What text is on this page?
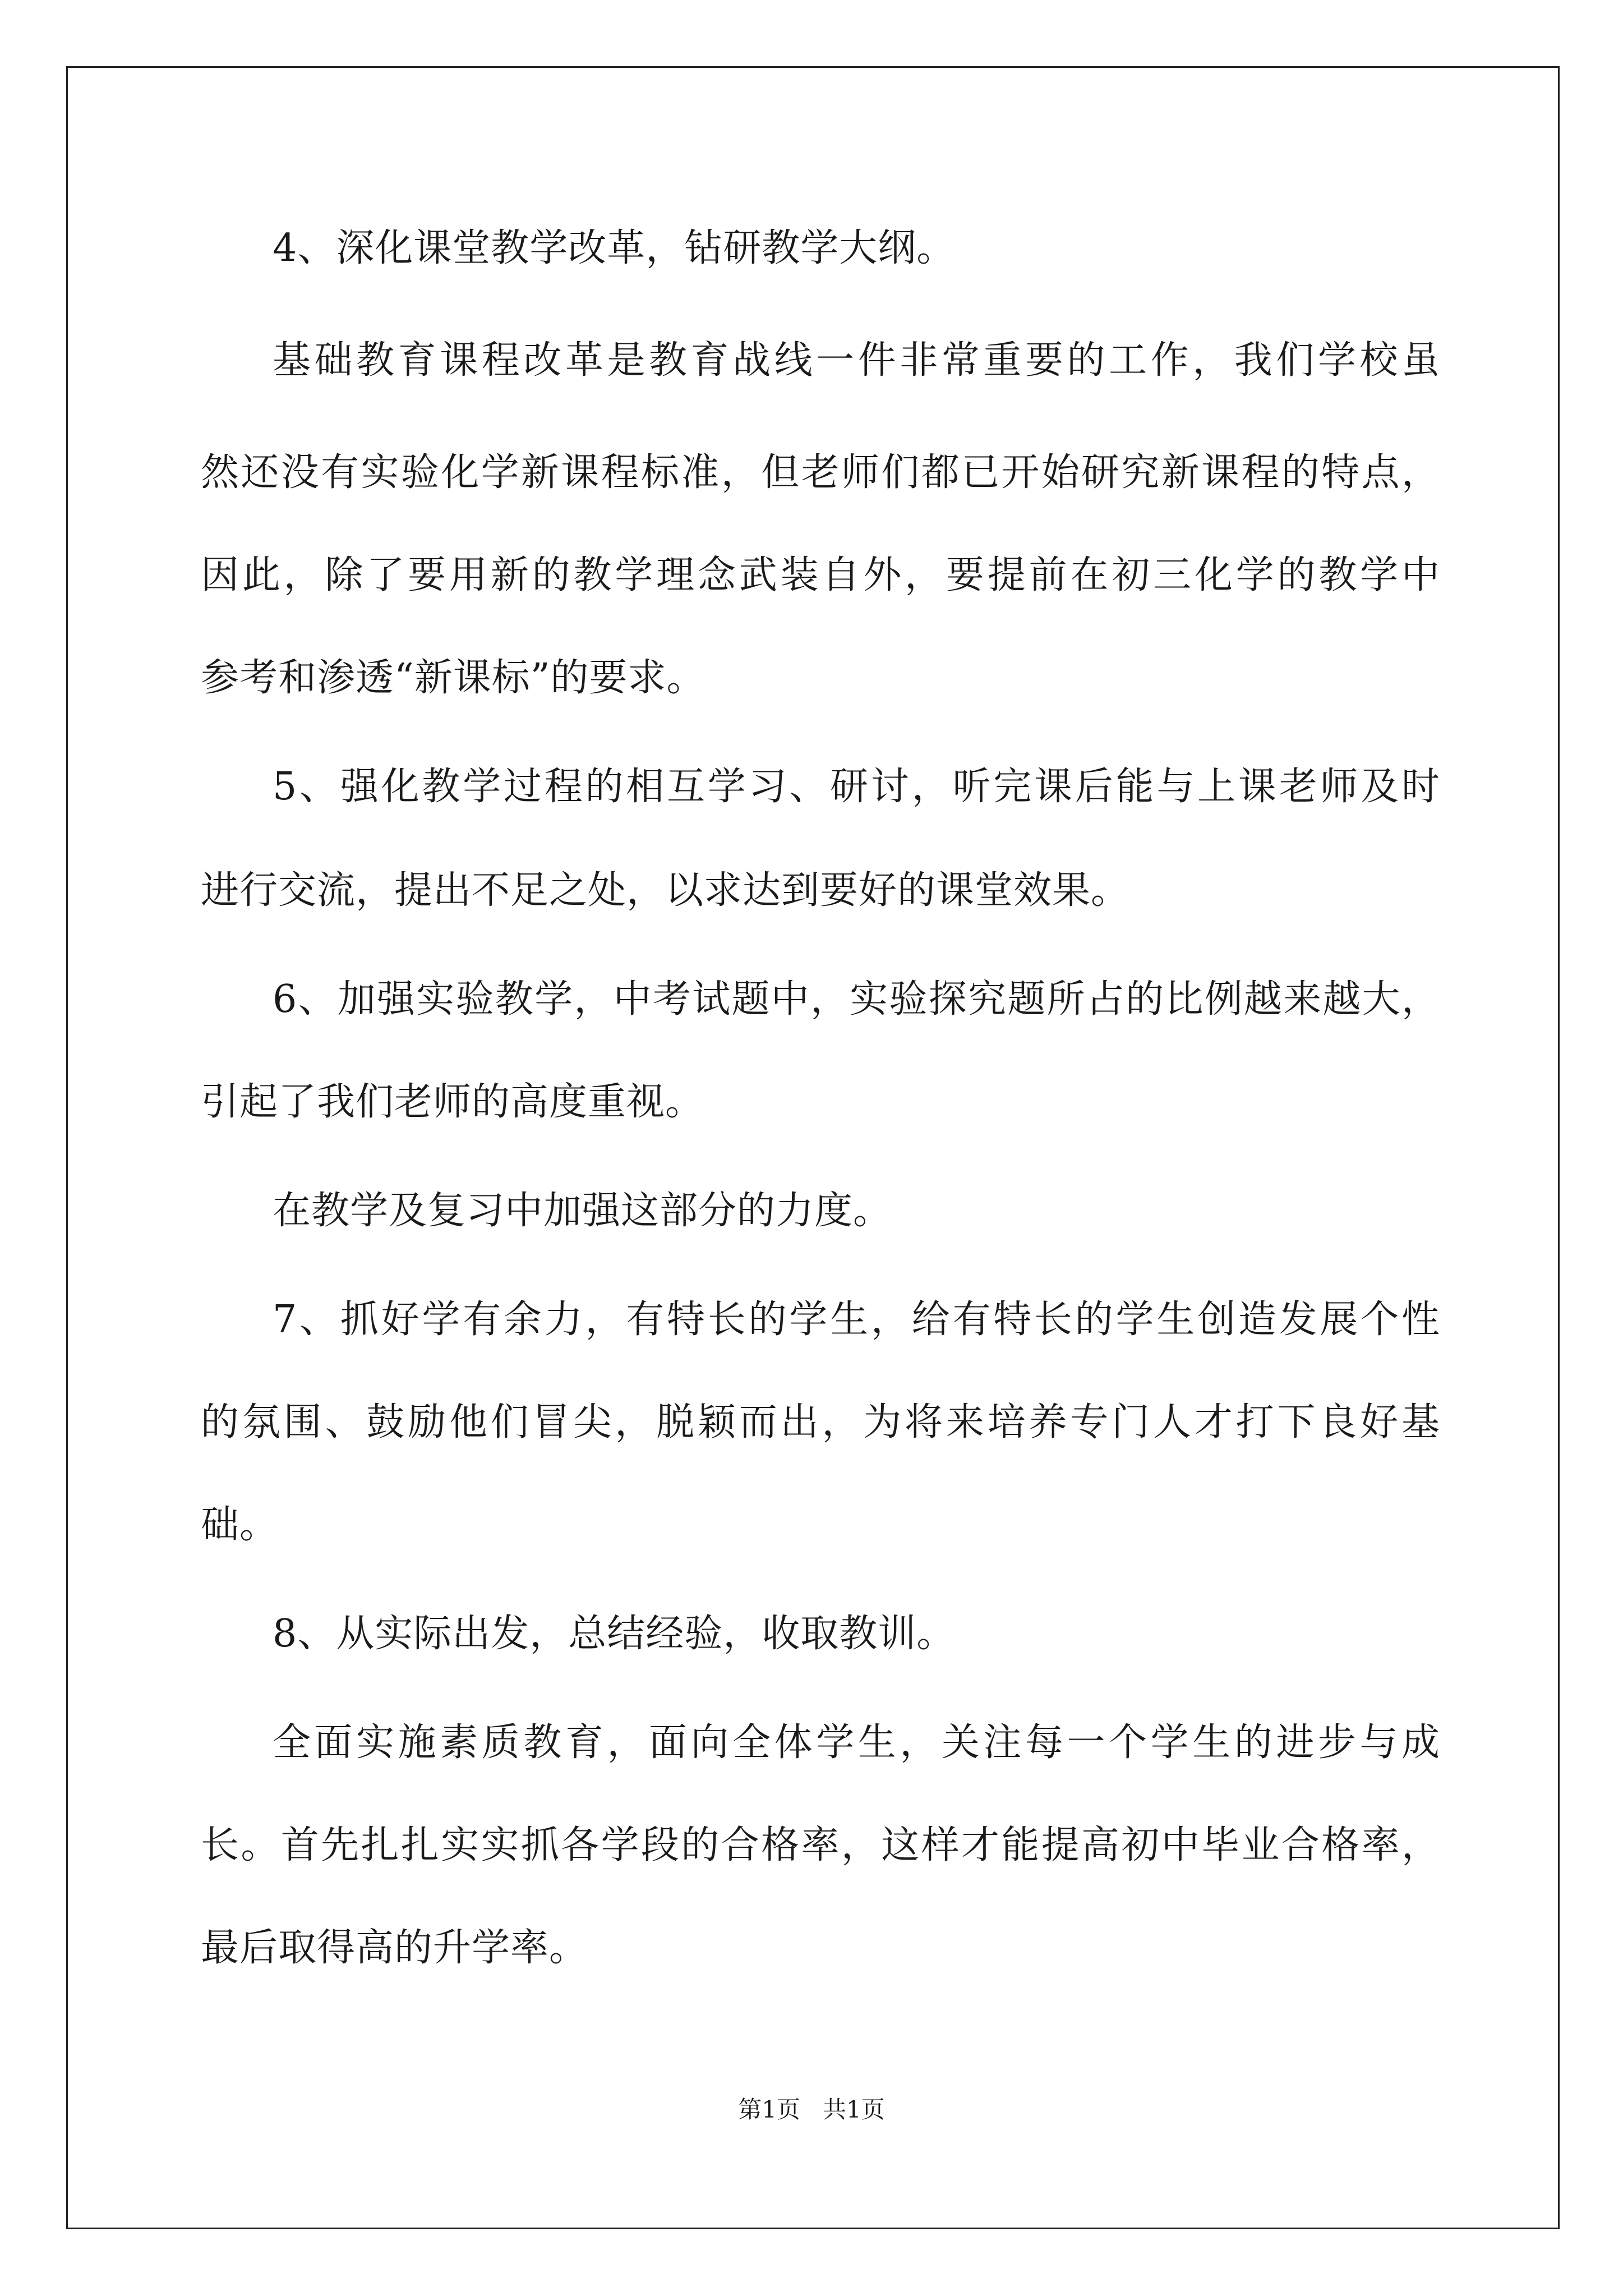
4、深化课堂教学改革，钻研教学大纲。
基础教育课程改革是教育战线一件非常重要的工作，我们学校虽
然还没有实验化学新课程标准，但老师们都已开始研究新课程的特点，
因此，除了要用新的教学理念武装自外，要提前在初三化学的教学中
参考和渗透“新课标”的要求。
5、强化教学过程的相互学习、研讨，听完课后能与上课老师及时
进行交流，提出不足之处，以求达到要好的课堂效果。
6、加强实验教学，中考试题中，实验探究题所占的比例越来越大，
引起了我们老师的高度重视。
在教学及复习中加强这部分的力度。
7、抓好学有余力，有特长的学生，给有特长的学生创造发展个性
的氛围、鼓励他们冒尖，脱颖而出，为将来培养专门人才打下良好基
础。
8、从实际出发，总结经验，收取教训。
全面实施素质教育，面向全体学生，关注每一个学生的进步与成
长。首先扎扎实实抓各学段的合格率，这样才能提高初中毕业合格率，
最后取得高的升学率。
第1页   共1页
